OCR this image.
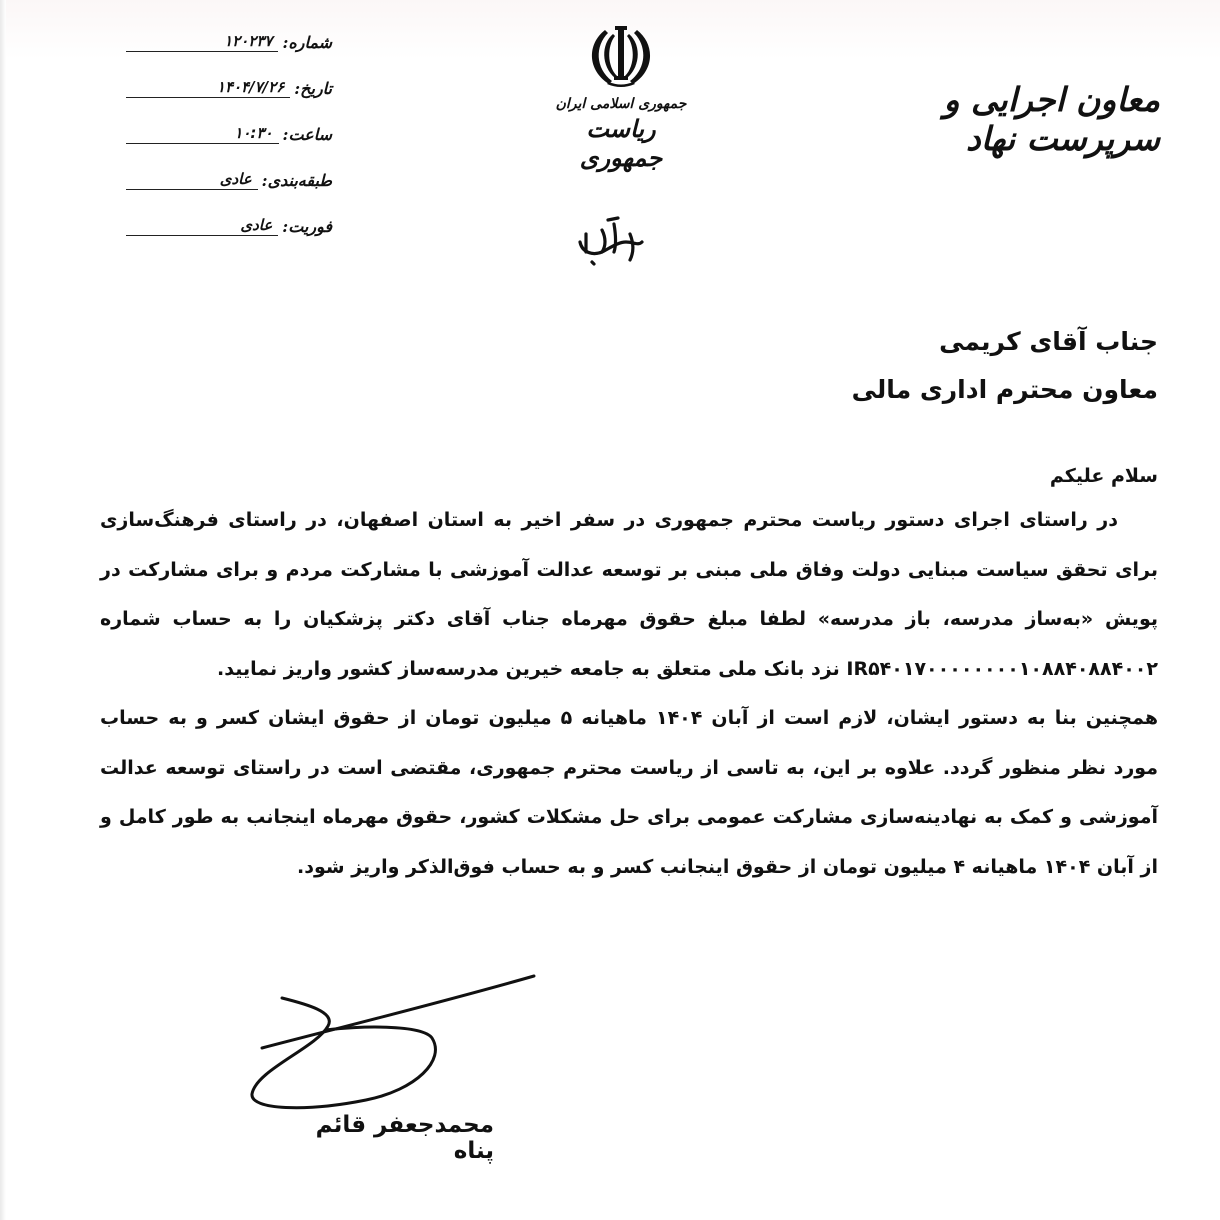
شماره:
۱۲۰۲۳۷
تاریخ:
۱۴۰۴/۷/۲۶
ساعت:
۱۰:۳۰
طبقه‌بندی:
عادی
فوریت:
عادی
جمهوری اسلامی ایران
ریاست جمهوری
معاون اجرایی و سرپرست نهاد
جناب آقای کریمی
معاون محترم اداری مالی
سلام علیکم

در راستای اجرای دستور ریاست محترم جمهوری در سفر اخیر به استان اصفهان، در راستای فرهنگ‌سازی برای تحقق سیاست مبنایی دولت وفاق ملی مبنی بر توسعه عدالت آموزشی با مشارکت مردم و برای مشارکت در پویش «به‌ساز مدرسه، باز مدرسه» لطفا مبلغ حقوق مهرماه جناب آقای دکتر پزشکیان را به حساب شماره IR۵۴۰۱۷۰۰۰۰۰۰۰۰۱۰۸۸۴۰۸۸۴۰۰۲ نزد بانک ملی متعلق به جامعه خیرین مدرسه‌ساز کشور واریز نمایید.

همچنین بنا به دستور ایشان، لازم است از آبان ۱۴۰۴ ماهیانه ۵ میلیون تومان از حقوق ایشان کسر و به حساب مورد نظر منظور گردد. علاوه بر این، به تاسی از ریاست محترم جمهوری، مقتضی است در راستای توسعه عدالت آموزشی و کمک به نهادینه‌سازی مشارکت عمومی برای حل مشکلات کشور، حقوق مهرماه اینجانب به طور کامل و از آبان ۱۴۰۴ ماهیانه ۴ میلیون تومان از حقوق اینجانب کسر و به حساب فوق‌الذکر واریز شود.

محمدجعفر قائم پناه
